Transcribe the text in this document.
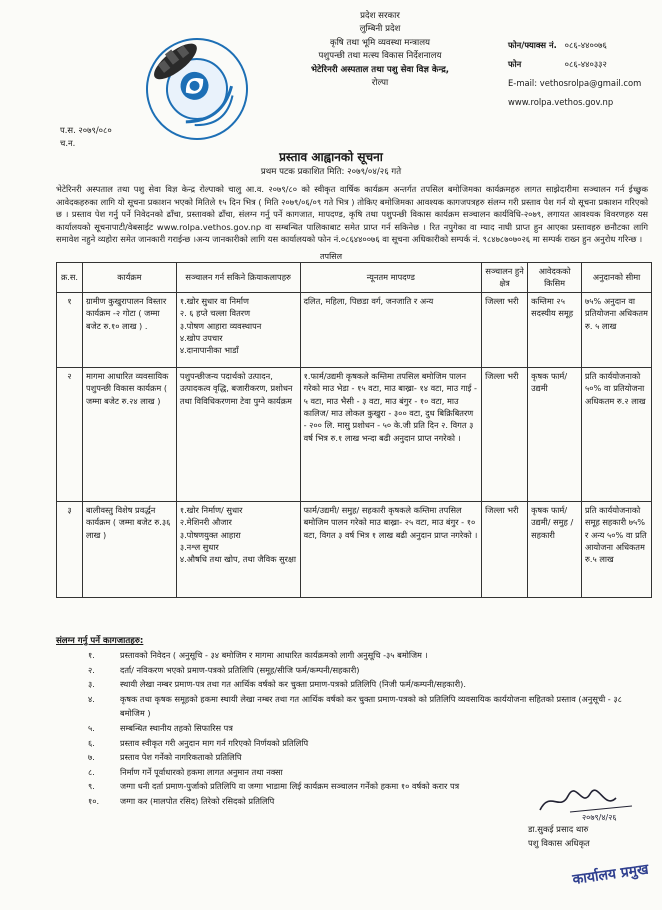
प्रदेश सरकार
लुम्बिनी प्रदेश
कृषि तथा भूमि व्यवस्था मन्त्रालय
पशुपन्छी तथा मत्स्य विकास निर्देशनालय
भेटेरिनरी अस्पताल तथा पशु सेवा विज्ञ केन्द्र,
रोल्पा
फोन/फ्याक्स नं. ०८६-४४००७६
फोन	०८६-४४०३३२
E-mail: vethosrolpa@gmail.com
www.rolpa.vethos.gov.np
प.स. २०७९/०८०
च.न.
प्रस्ताव आह्वानको सूचना
प्रथम पटक प्रकाशित मिति: २०७९/०४/२६ गते
भेटेरिनरी अस्पताल तथा पशु सेवा विज्ञ केन्द्र रोल्पाको चालु आ.व. २०७९/८० को स्वीकृत वार्षिक कार्यक्रम अन्तर्गत तपसिल बमोजिमका कार्यक्रमहरु लागत साझेदारीमा सञ्चालन गर्न ईच्छुक आवेदकहरुका लागि यो सूचना प्रकाशन भएको मितिले १५ दिन भित्र ( मिति २०७९/०६/०९ गते भित्र ) तोकिए बमोजिमका आवश्यक कागजपत्रहरु संलग्न गरी प्रस्ताव पेश गर्न यो सूचना प्रकाशन गरिएको छ । प्रस्ताव पेश गर्नु पर्ने निवेदनको ढाँचा, प्रस्तावको ढाँचा, संलग्न गर्नु पर्ने कागजात, मापदण्ड, कृषि तथा पशुपन्छी विकास कार्यक्रम सञ्चालन कार्यविधि-२०७९, लगायत आवश्यक विवरणहरु यस कार्यालयको सूचनापाटी/वेबसाईट www.rolpa.vethos.gov.np वा सम्बन्धित पालिकाबाट समेत प्राप्त गर्न सकिनेछ । रित नपुगेका वा म्याद नाघी प्राप्त हुन आएका प्रस्तावहरु छनौटका लागि समावेश नहुने व्यहोरा समेत जानकारी गराईन्छ ।अन्य जानकारीको लागि यस कार्यालयको फोन नं.०८६४४००७६ वा सूचना अधिकारीको सम्पर्क नं. ९८४७८७०७०२६ मा सम्पर्क राख्न हुन अनुरोध गरिन्छ ।
तपसिल
क्र.स.	कार्यक्रम	सञ्चालन गर्न सकिने क्रियाकलापहरु	न्यूनतम मापदण्ड	सञ्चालन हुने क्षेत्र	आवेदकको किसिम	अनुदानको सीमा
१	ग्रामीण कुखुरापालन विस्तार कार्यक्रम -२ गोटा ( जम्मा बजेट रु.१० लाख ) .	१.खोर सुधार वा निर्माण
२. ६ हप्ते चल्ला वितरण
३.पोषण आहारा व्यवस्थापन
४.खोप उपचार
४.दानापानीका भाडाँ	दलित, महिला, पिछडा वर्ग, जनजाति र अन्य	जिल्ला भरी	कम्तिमा २५ सदस्यीय समूह	७५% अनुदान वा प्रतियोजना अधिकतम रु. ५ लाख
२	मागमा आधारित व्यवसायिक पशुपन्छी विकास कार्यक्रम ( जम्मा बजेट रु.२४ लाख )	पशुपन्छीजन्य पदार्थको उत्पादन, उत्पादकत्व वृद्धि, बजारीकरण, प्रशोधन तथा विविधिकरणमा टेवा पुग्ने कार्यक्रम	१.फार्म/उद्यमी कृषकले कम्तिमा तपसिल बमोजिम पालन गरेको माउ भेडा - १५ वटा, माउ बाख्रा- १४ वटा, माउ गाई - ५ वटा, माउ भैसी - ३ वटा, माउ बंगुर - १० वटा, माउ कालिज/ माउ लोकल कुखुरा - ३०० वटा, दुध बिक्रिबितरण - २०० लि. मासु प्रशोधन - ५० के.जी प्रति दिन २. विगत ३ वर्ष भित्र रु.१ लाख भन्दा बढी अनुदान प्राप्त नगरेको ।	जिल्ला भरी	कृषक फार्म/ उद्यमी	प्रति कार्ययोजनाको ५०% वा प्रतियोजना अधिकतम रु.२ लाख
३	बालीवस्तु विशेष प्रवर्द्धन कार्यक्रम ( जम्मा बजेट रु.३६ लाख )	१.खोर निर्माण/ सुधार
२.मेशिनरी औजार
३.पोषणयुक्त आहारा
३.नश्ल सुधार
४.औषधि तथा खोप, तथा जैविक सुरक्षा	फार्म/उद्यमी/ समुह/ सहकारी कृषकले कम्तिमा तपसिल बमोजिम पालन गरेको माउ बाख्रा- २५ वटा, माउ बंगुर - १० वटा, विगत ३ वर्ष भित्र १ लाख बढी अनुदान प्राप्त नगरेको ।	जिल्ला भरी	कृषक फार्म/ उद्यमी/ समुह / सहकारी	प्रति कार्ययोजनाको समूह सहकारी ७५% र अन्य ५०% वा प्रति आयोजना अधिकतम रु.५ लाख
संलग्न गर्नु पर्ने कागजातहरु:
१.	प्रस्तावको निवेदन ( अनुसूचि - ३४ बमोजिम र मागमा आधारित कार्यक्रमको लागी अनुसूचि -३५ बमोजिम ।
२.	दर्ता/ नविकरण भएको प्रमाण-पत्रको प्रतिलिपि (समूह/सीजि फर्म/कम्पनी/सहकारी)
३.	स्थायी लेखा नम्बर प्रमाण-पत्र तथा गत आर्थिक वर्षको कर चुक्ता प्रमाण-पत्रको प्रतिलिपि (निजी फर्म/कम्पनी/सहकारी).
४.	कृषक तथा कृषक समूहको हकमा स्थायी लेखा नम्बर तथा गत आर्थिक वर्षको कर चुक्ता प्रमाण-पत्रको को प्रतिलिपि व्यवसायिक कार्ययोजना सहितको प्रस्ताव (अनुसूची - ३८ बमोजिम )
५.	सम्बन्धित स्थानीय तहको सिफारिस पत्र
६.	प्रस्ताव स्वीकृत गरी अनुदान माग गर्न गरिएको निर्णयको प्रतिलिपि
७.	प्रस्ताव पेश गर्नेको नागरिकताको प्रतिलिपि
८.	निर्माण गर्ने पूर्वाधारको हकमा लागत अनुमान तथा नक्सा
९.	जग्गा धनी दर्ता प्रमाण-पुर्जाको प्रतिलिपि वा जग्गा भाडामा लिई कार्यक्रम सञ्चालन गर्नेको हकमा १० वर्षको करार पत्र
१०.	जग्गा कर (मालपोत रसिद) तिरेको रसिदको प्रतिलिपि
२०७९/४/२६
डा.सुकई प्रसाद थारु
पशु विकास अधिकृत
कार्यालय प्रमुख
